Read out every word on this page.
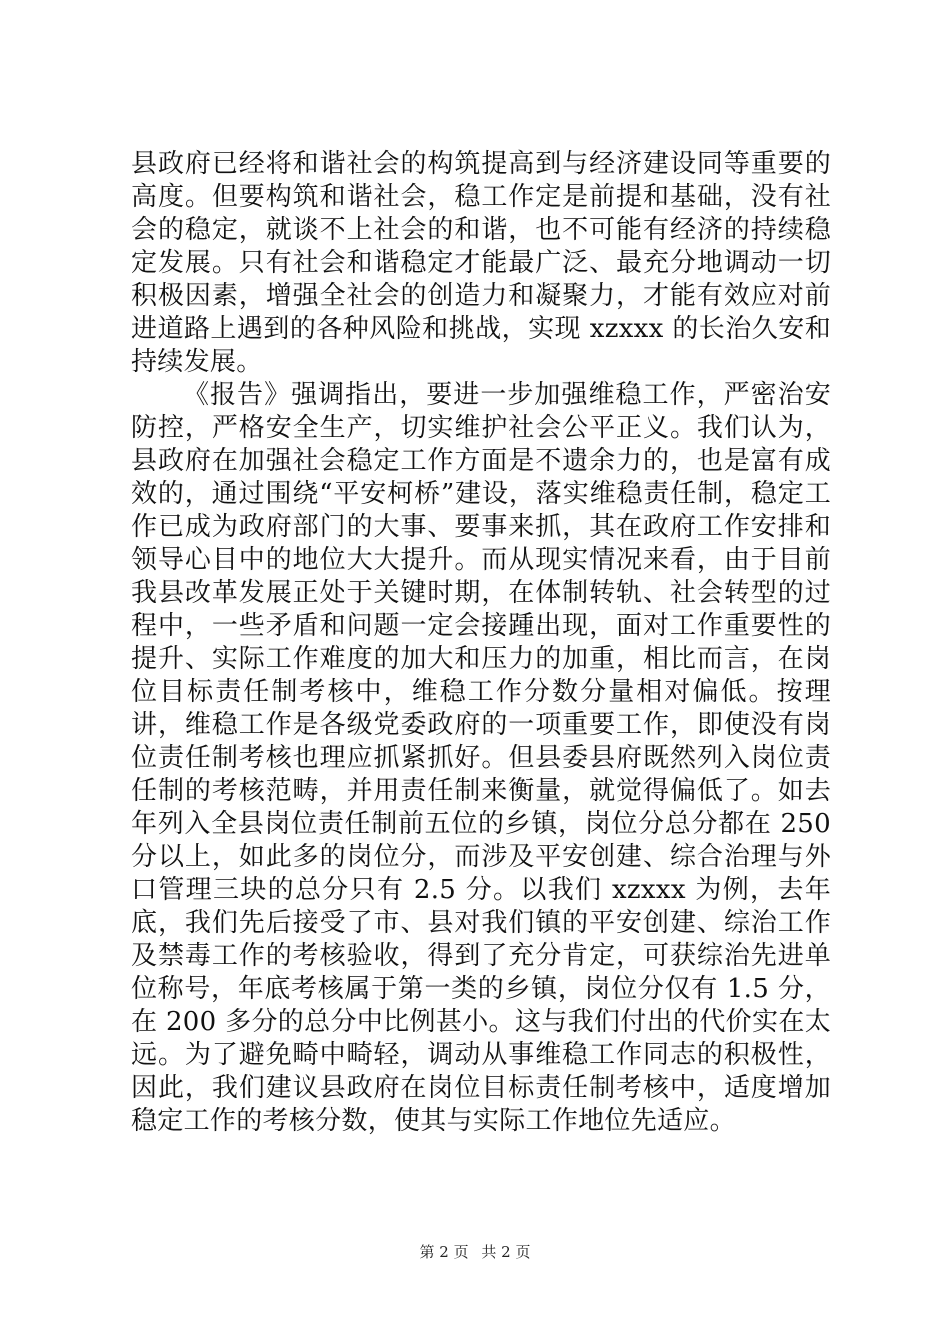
县政府已经将和谐社会的构筑提高到与经济建设同等重要的高度。但要构筑和谐社会，稳工作定是前提和基础，没有社会的稳定，就谈不上社会的和谐，也不可能有经济的持续稳定发展。只有社会和谐稳定才能最广泛、最充分地调动一切积极因素，增强全社会的创造力和凝聚力，才能有效应对前进道路上遇到的各种风险和挑战，实现 xzxxx 的长治久安和持续发展。

《报告》强调指出，要进一步加强维稳工作，严密治安防控，严格安全生产，切实维护社会公平正义。我们认为，县政府在加强社会稳定工作方面是不遗余力的，也是富有成效的，通过围绕“平安柯桥”建设，落实维稳责任制，稳定工作已成为政府部门的大事、要事来抓，其在政府工作安排和领导心目中的地位大大提升。而从现实情况来看，由于目前我县改革发展正处于关键时期，在体制转轨、社会转型的过程中，一些矛盾和问题一定会接踵出现，面对工作重要性的提升、实际工作难度的加大和压力的加重，相比而言，在岗位目标责任制考核中，维稳工作分数分量相对偏低。按理讲，维稳工作是各级党委政府的一项重要工作，即使没有岗位责任制考核也理应抓紧抓好。但县委县府既然列入岗位责任制的考核范畴，并用责任制来衡量，就觉得偏低了。如去年列入全县岗位责任制前五位的乡镇，岗位分总分都在 250 分以上，如此多的岗位分，而涉及平安创建、综合治理与外口管理三块的总分只有 2.5 分。以我们 xzxxx 为例，去年底，我们先后接受了市、县对我们镇的平安创建、综治工作及禁毒工作的考核验收，得到了充分肯定，可获综治先进单位称号，年底考核属于第一类的乡镇，岗位分仅有 1.5 分，在 200 多分的总分中比例甚小。这与我们付出的代价实在太远。为了避免畸中畸轻，调动从事维稳工作同志的积极性，因此，我们建议县政府在岗位目标责任制考核中，适度增加稳定工作的考核分数，使其与实际工作地位先适应。

第 2 页 共 2 页
